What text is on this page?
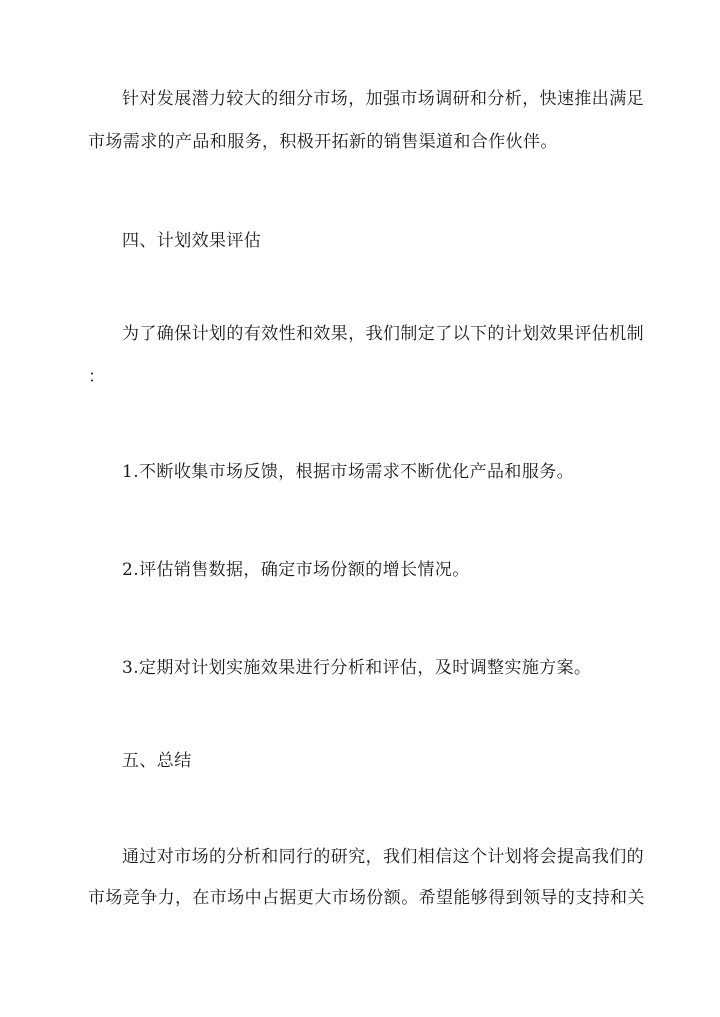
针对发展潜力较大的细分市场，加强市场调研和分析，快速推出满足
市场需求的产品和服务，积极开拓新的销售渠道和合作伙伴。
四、计划效果评估
为了确保计划的有效性和效果，我们制定了以下的计划效果评估机制
：
1.不断收集市场反馈，根据市场需求不断优化产品和服务。
2.评估销售数据，确定市场份额的增长情况。
3.定期对计划实施效果进行分析和评估，及时调整实施方案。
五、总结
通过对市场的分析和同行的研究，我们相信这个计划将会提高我们的
市场竞争力，在市场中占据更大市场份额。希望能够得到领导的支持和关
